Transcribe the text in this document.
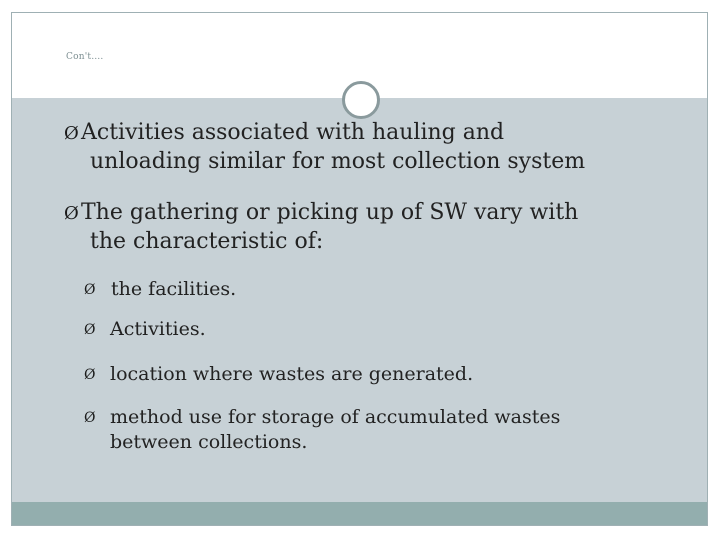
Con't….
Ø Activities associated with hauling and
unloading similar for most collection system
Ø The gathering or picking up of SW vary with
the characteristic of:
Ø the facilities.
Ø Activities.
Ø location where wastes are generated.
Ø method use for storage of accumulated wastes
between collections.
